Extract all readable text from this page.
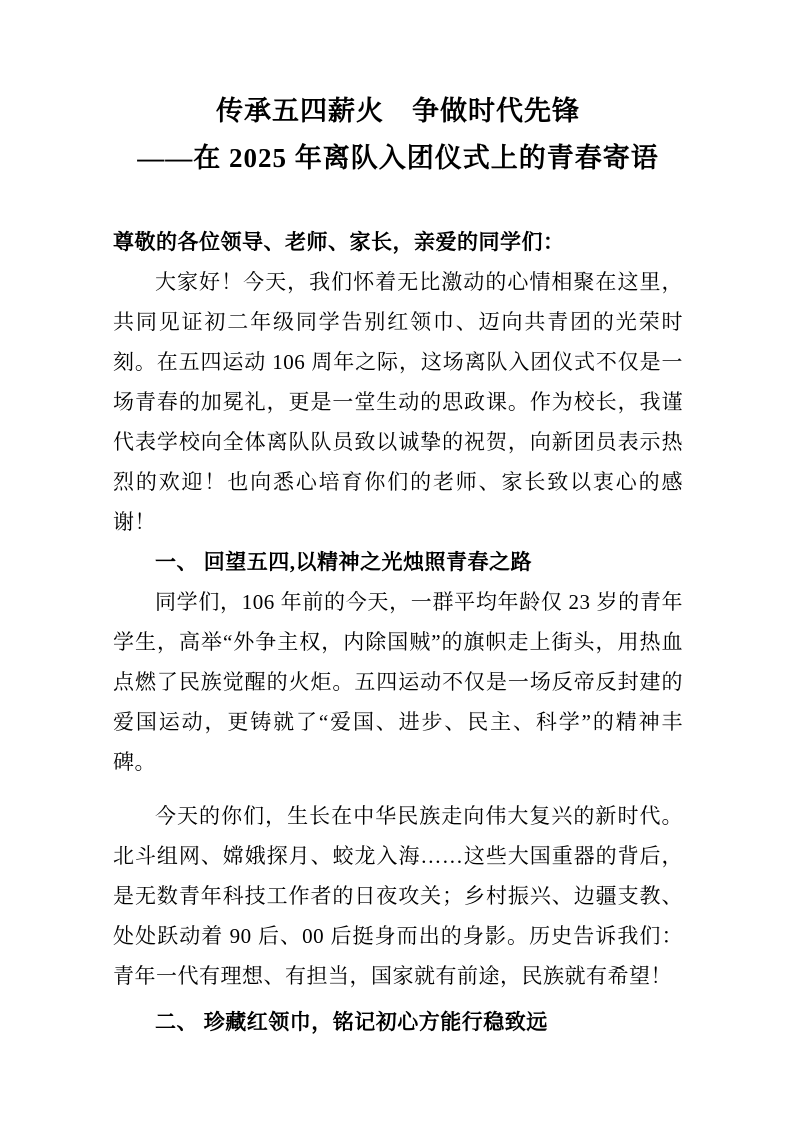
传承五四薪火　争做时代先锋
——在 2025 年离队入团仪式上的青春寄语

尊敬的各位领导、老师、家长，亲爱的同学们：

大家好！今天，我们怀着无比激动的心情相聚在这里，共同见证初二年级同学告别红领巾、迈向共青团的光荣时刻。在五四运动 106 周年之际，这场离队入团仪式不仅是一场青春的加冕礼，更是一堂生动的思政课。作为校长，我谨代表学校向全体离队队员致以诚挚的祝贺，向新团员表示热烈的欢迎！也向悉心培育你们的老师、家长致以衷心的感谢！

一、 回望五四,以精神之光烛照青春之路

同学们，106 年前的今天，一群平均年龄仅 23 岁的青年学生，高举“外争主权，内除国贼”的旗帜走上街头，用热血点燃了民族觉醒的火炬。五四运动不仅是一场反帝反封建的爱国运动，更铸就了“爱国、进步、民主、科学”的精神丰碑。

今天的你们，生长在中华民族走向伟大复兴的新时代。北斗组网、嫦娥探月、蛟龙入海……这些大国重器的背后，是无数青年科技工作者的日夜攻关；乡村振兴、边疆支教、处处跃动着 90 后、00 后挺身而出的身影。历史告诉我们：青年一代有理想、有担当，国家就有前途，民族就有希望！

二、 珍藏红领巾，铭记初心方能行稳致远
